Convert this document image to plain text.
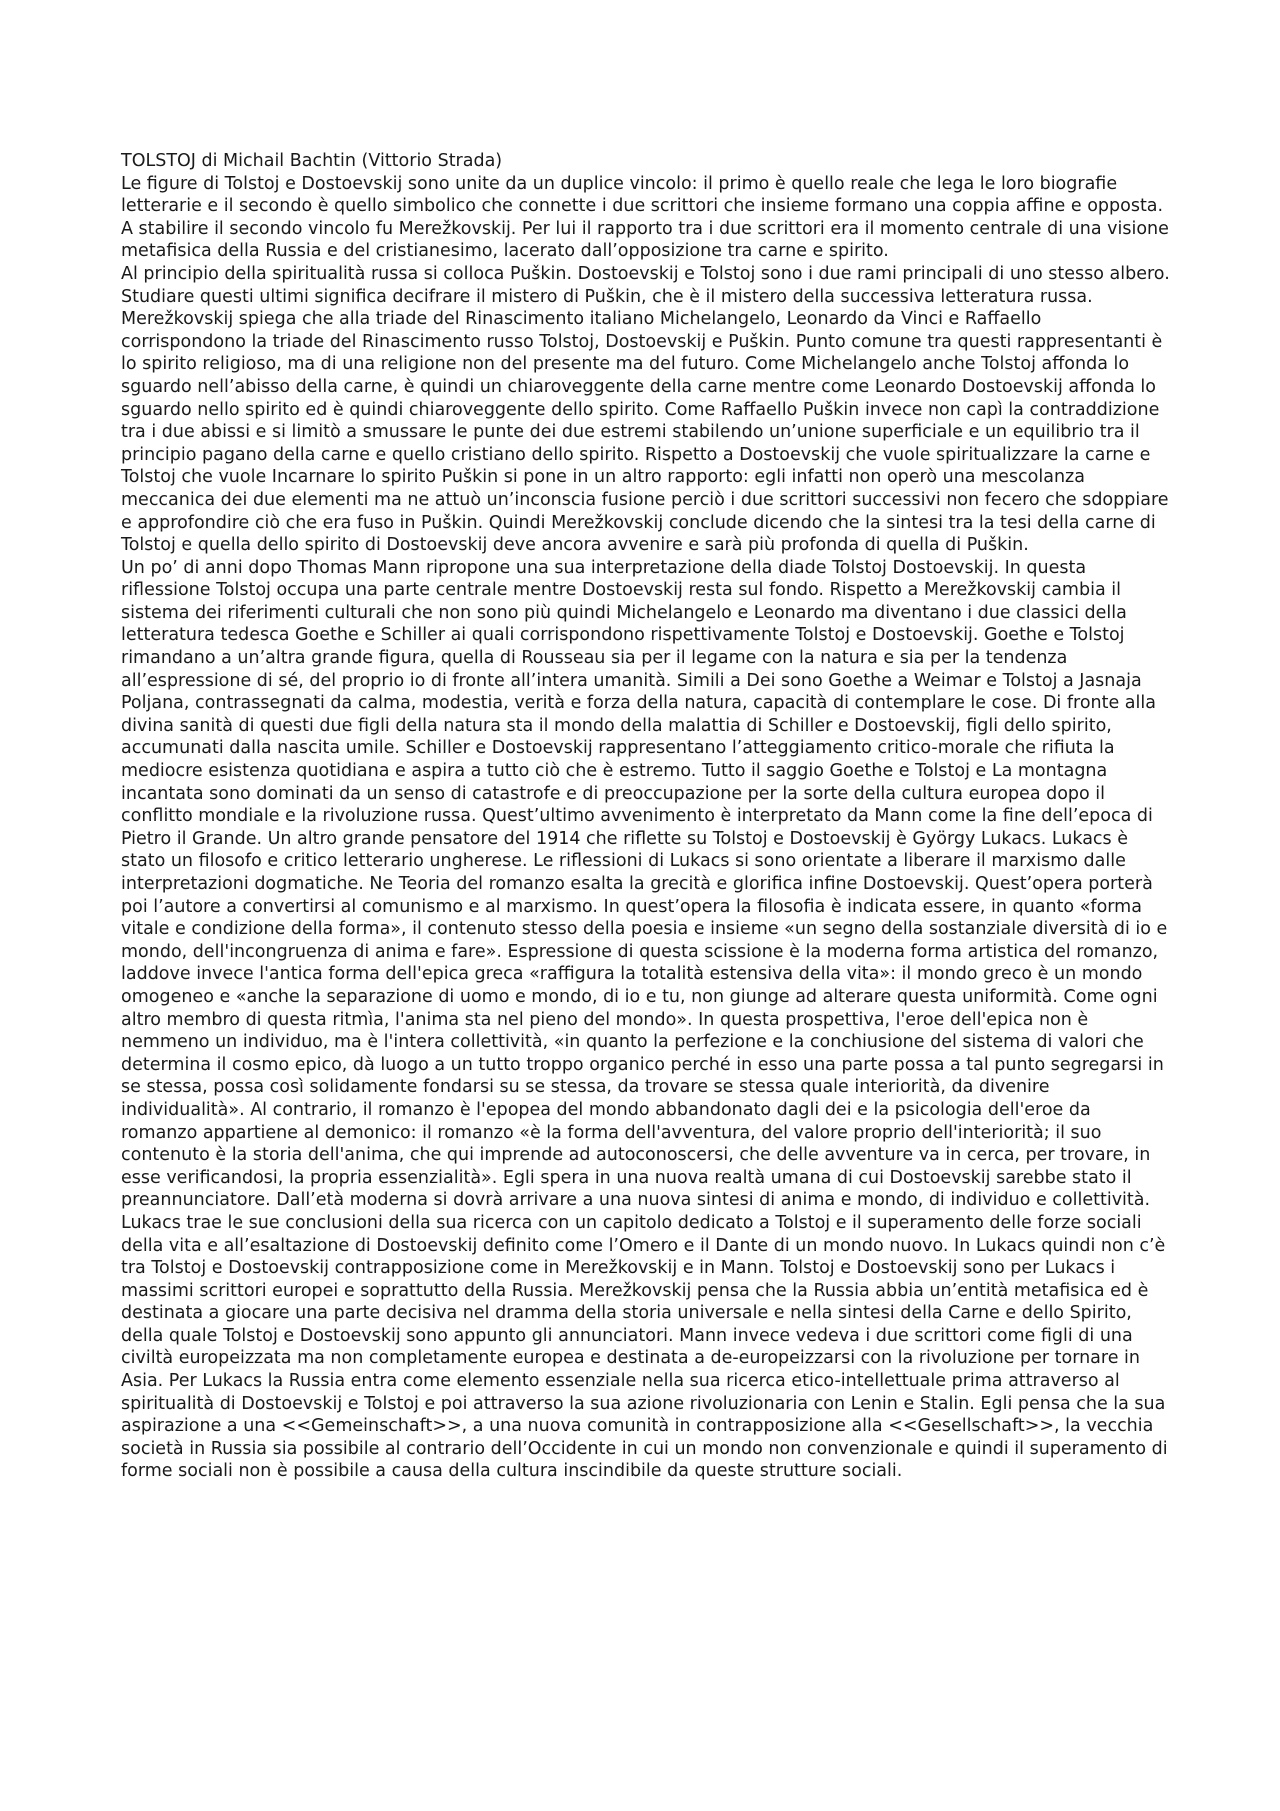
TOLSTOJ di Michail Bachtin (Vittorio Strada)

Le figure di Tolstoj e Dostoevskij sono unite da un duplice vincolo: il primo è quello reale che lega le loro biografie letterarie e il secondo è quello simbolico che connette i due scrittori che insieme formano una coppia affine e opposta.

A stabilire il secondo vincolo fu Merežkovskij. Per lui il rapporto tra i due scrittori era il momento centrale di una visione metafisica della Russia e del cristianesimo, lacerato dall’opposizione tra carne e spirito.

Al principio della spiritualità russa si colloca Puškin. Dostoevskij e Tolstoj sono i due rami principali di uno stesso albero. Studiare questi ultimi significa decifrare il mistero di Puškin, che è il mistero della successiva letteratura russa. Merežkovskij spiega che alla triade del Rinascimento italiano Michelangelo, Leonardo da Vinci e Raffaello corrispondono la triade del Rinascimento russo Tolstoj, Dostoevskij e Puškin. Punto comune tra questi rappresentanti è lo spirito religioso, ma di una religione non del presente ma del futuro. Come Michelangelo anche Tolstoj affonda lo sguardo nell’abisso della carne, è quindi un chiaroveggente della carne mentre come Leonardo Dostoevskij affonda lo sguardo nello spirito ed è quindi chiaroveggente dello spirito. Come Raffaello Puškin invece non capì la contraddizione tra i due abissi e si limitò a smussare le punte dei due estremi stabilendo un’unione superficiale e un equilibrio tra il principio pagano della carne e quello cristiano dello spirito. Rispetto a Dostoevskij che vuole spiritualizzare la carne e Tolstoj che vuole Incarnare lo spirito Puškin si pone in un altro rapporto: egli infatti non operò una mescolanza meccanica dei due elementi ma ne attuò un’inconscia fusione perciò i due scrittori successivi non fecero che sdoppiare e approfondire ciò che era fuso in Puškin. Quindi Merežkovskij conclude dicendo che la sintesi tra la tesi della carne di Tolstoj e quella dello spirito di Dostoevskij deve ancora avvenire e sarà più profonda di quella di Puškin.

Un po’ di anni dopo Thomas Mann ripropone una sua interpretazione della diade Tolstoj Dostoevskij. In questa riflessione Tolstoj occupa una parte centrale mentre Dostoevskij resta sul fondo. Rispetto a Merežkovskij cambia il sistema dei riferimenti culturali che non sono più quindi Michelangelo e Leonardo ma diventano i due classici della letteratura tedesca Goethe e Schiller ai quali corrispondono rispettivamente Tolstoj e Dostoevskij. Goethe e Tolstoj rimandano a un’altra grande figura, quella di Rousseau sia per il legame con la natura e sia per la tendenza all’espressione di sé, del proprio io di fronte all’intera umanità. Simili a Dei sono Goethe a Weimar e Tolstoj a Jasnaja Poljana, contrassegnati da calma, modestia, verità e forza della natura, capacità di contemplare le cose. Di fronte alla divina sanità di questi due figli della natura sta il mondo della malattia di Schiller e Dostoevskij, figli dello spirito, accumunati dalla nascita umile. Schiller e Dostoevskij rappresentano l’atteggiamento critico-morale che rifiuta la mediocre esistenza quotidiana e aspira a tutto ciò che è estremo. Tutto il saggio Goethe e Tolstoj e La montagna incantata sono dominati da un senso di catastrofe e di preoccupazione per la sorte della cultura europea dopo il conflitto mondiale e la rivoluzione russa. Quest’ultimo avvenimento è interpretato da Mann come la fine dell’epoca di Pietro il Grande. Un altro grande pensatore del 1914 che riflette su Tolstoj e Dostoevskij è György Lukacs. Lukacs è stato un filosofo e critico letterario ungherese. Le riflessioni di Lukacs si sono orientate a liberare il marxismo dalle interpretazioni dogmatiche. Ne Teoria del romanzo esalta la grecità e glorifica infine Dostoevskij. Quest’opera porterà poi l’autore a convertirsi al comunismo e al marxismo. In quest’opera la filosofia è indicata essere, in quanto «forma vitale e condizione della forma», il contenuto stesso della poesia e insieme «un segno della sostanziale diversità di io e mondo, dell'incongruenza di anima e fare». Espressione di questa scissione è la moderna forma artistica del romanzo, laddove invece l'antica forma dell'epica greca «raffigura la totalità estensiva della vita»: il mondo greco è un mondo omogeneo e «anche la separazione di uomo e mondo, di io e tu, non giunge ad alterare questa uniformità. Come ogni altro membro di questa ritmìa, l'anima sta nel pieno del mondo». In questa prospettiva, l'eroe dell'epica non è nemmeno un individuo, ma è l'intera collettività, «in quanto la perfezione e la conchiusione del sistema di valori che determina il cosmo epico, dà luogo a un tutto troppo organico perché in esso una parte possa a tal punto segregarsi in se stessa, possa così solidamente fondarsi su se stessa, da trovare se stessa quale interiorità, da divenire individualità». Al contrario, il romanzo è l'epopea del mondo abbandonato dagli dei e la psicologia dell'eroe da romanzo appartiene al demonico: il romanzo «è la forma dell'avventura, del valore proprio dell'interiorità; il suo contenuto è la storia dell'anima, che qui imprende ad autoconoscersi, che delle avventure va in cerca, per trovare, in esse verificandosi, la propria essenzialità». Egli spera in una nuova realtà umana di cui Dostoevskij sarebbe stato il preannunciatore. Dall’età moderna si dovrà arrivare a una nuova sintesi di anima e mondo, di individuo e collettività. Lukacs trae le sue conclusioni della sua ricerca con un capitolo dedicato a Tolstoj e il superamento delle forze sociali della vita e all’esaltazione di Dostoevskij definito come l’Omero e il Dante di un mondo nuovo. In Lukacs quindi non c’è tra Tolstoj e Dostoevskij contrapposizione come in Merežkovskij e in Mann. Tolstoj e Dostoevskij sono per Lukacs i massimi scrittori europei e soprattutto della Russia. Merežkovskij pensa che la Russia abbia un’entità metafisica ed è destinata a giocare una parte decisiva nel dramma della storia universale e nella sintesi della Carne e dello Spirito, della quale Tolstoj e Dostoevskij sono appunto gli annunciatori. Mann invece vedeva i due scrittori come figli di una civiltà europeizzata ma non completamente europea e destinata a de-europeizzarsi con la rivoluzione per tornare in Asia. Per Lukacs la Russia entra come elemento essenziale nella sua ricerca etico-intellettuale prima attraverso al spiritualità di Dostoevskij e Tolstoj e poi attraverso la sua azione rivoluzionaria con Lenin e Stalin. Egli pensa che la sua aspirazione a una <<Gemeinschaft>>, a una nuova comunità in contrapposizione alla <<Gesellschaft>>, la vecchia società in Russia sia possibile al contrario dell’Occidente in cui un mondo non convenzionale e quindi il superamento di forme sociali non è possibile a causa della cultura inscindibile da queste strutture sociali.
